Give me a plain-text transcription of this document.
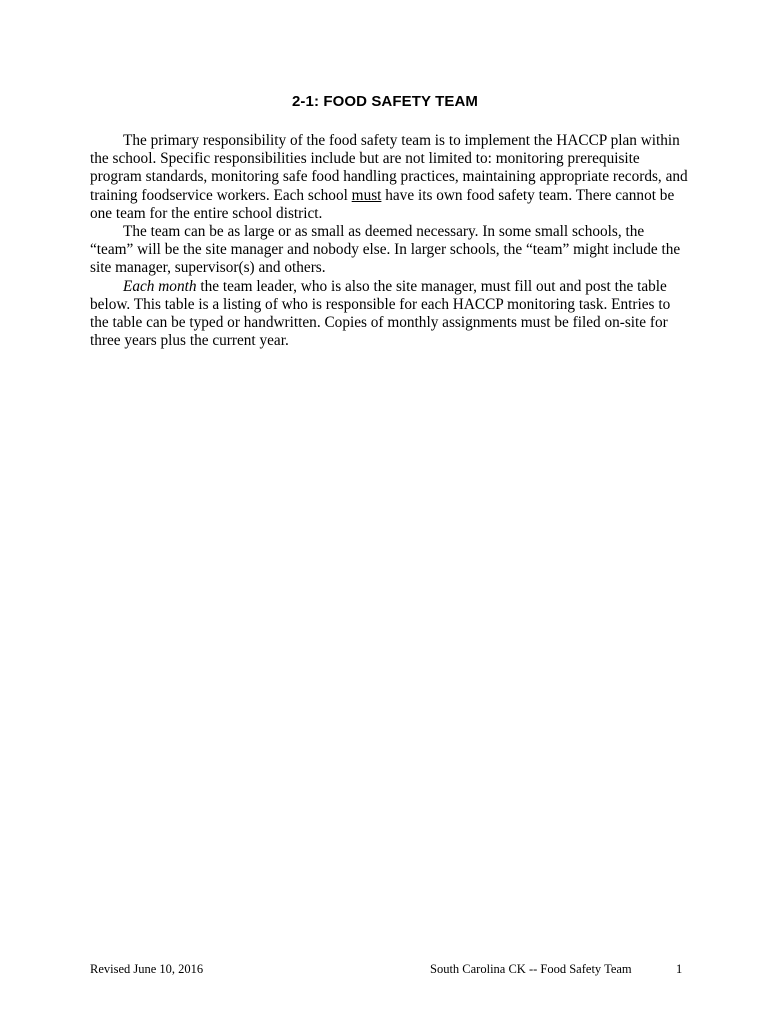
2-1: FOOD SAFETY TEAM

The primary responsibility of the food safety team is to implement the HACCP plan within the school. Specific responsibilities include but are not limited to: monitoring prerequisite program standards, monitoring safe food handling practices, maintaining appropriate records, and training foodservice workers. Each school must have its own food safety team. There cannot be one team for the entire school district.

The team can be as large or as small as deemed necessary. In some small schools, the “team” will be the site manager and nobody else. In larger schools, the “team” might include the site manager, supervisor(s) and others.

Each month the team leader, who is also the site manager, must fill out and post the table below. This table is a listing of who is responsible for each HACCP monitoring task. Entries to the table can be typed or handwritten. Copies of monthly assignments must be filed on-site for three years plus the current year.

Revised June 10, 2016	South Carolina CK -- Food Safety Team	1
